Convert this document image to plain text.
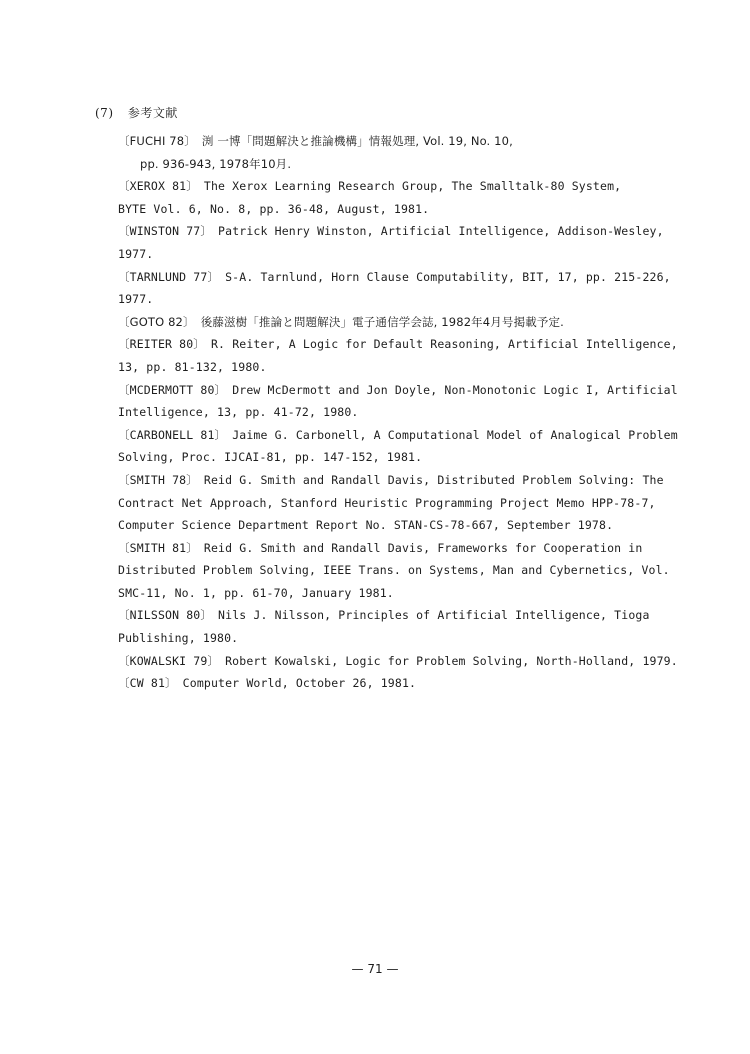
(7) 参考文献
〔FUCHI 78〕 渕 一博「問題解決と推論機構」情報処理, Vol. 19, No. 10,
pp. 936-943, 1978年10月.
〔XEROX 81〕 The Xerox Learning Research Group, The Smalltalk-80 System,
BYTE Vol. 6, No. 8, pp. 36-48, August, 1981.
〔WINSTON 77〕 Patrick Henry Winston, Artificial Intelligence, Addison-Wesley,
1977.
〔TARNLUND 77〕 S-A. Tarnlund, Horn Clause Computability, BIT, 17, pp. 215-226,
1977.
〔GOTO 82〕 後藤滋樹「推論と問題解決」電子通信学会誌, 1982年4月号掲載予定.
〔REITER 80〕 R. Reiter, A Logic for Default Reasoning, Artificial Intelligence,
13, pp. 81-132, 1980.
〔MCDERMOTT 80〕 Drew McDermott and Jon Doyle, Non-Monotonic Logic I, Artificial
Intelligence, 13, pp. 41-72, 1980.
〔CARBONELL 81〕 Jaime G. Carbonell, A Computational Model of Analogical Problem
Solving, Proc. IJCAI-81, pp. 147-152, 1981.
〔SMITH 78〕 Reid G. Smith and Randall Davis, Distributed Problem Solving: The
Contract Net Approach, Stanford Heuristic Programming Project Memo HPP-78-7,
Computer Science Department Report No. STAN-CS-78-667, September 1978.
〔SMITH 81〕 Reid G. Smith and Randall Davis, Frameworks for Cooperation in
Distributed Problem Solving, IEEE Trans. on Systems, Man and Cybernetics, Vol.
SMC-11, No. 1, pp. 61-70, January 1981.
〔NILSSON 80〕 Nils J. Nilsson, Principles of Artificial Intelligence, Tioga
Publishing, 1980.
〔KOWALSKI 79〕 Robert Kowalski, Logic for Problem Solving, North-Holland, 1979.
〔CW 81〕 Computer World, October 26, 1981.
— 71 —
